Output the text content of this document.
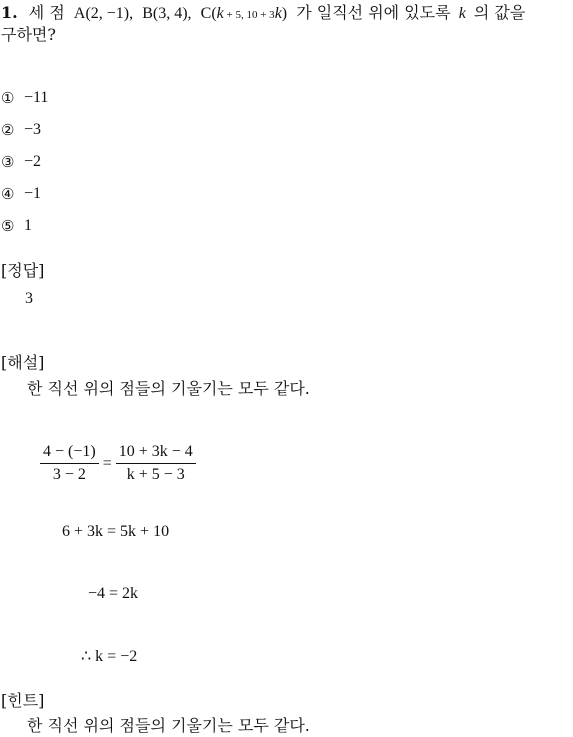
1. 세 점 A(2, −1), B(3, 4), C(k + 5, 10 + 3k) 가 일직선 위에 있도록 k 의 값을
구하면?
① −11
② −3
③ −2
④ −1
⑤ 1
[정답]
3
[해설]
한 직선 위의 점들의 기울기는 모두 같다.
$\frac{4 - (-1)}{3 - 2} = \frac{10 + 3k - 4}{k + 5 - 3}$
6 + 3k = 5k + 10
−4 = 2k
∴ k = −2
[힌트]
한 직선 위의 점들의 기울기는 모두 같다.
